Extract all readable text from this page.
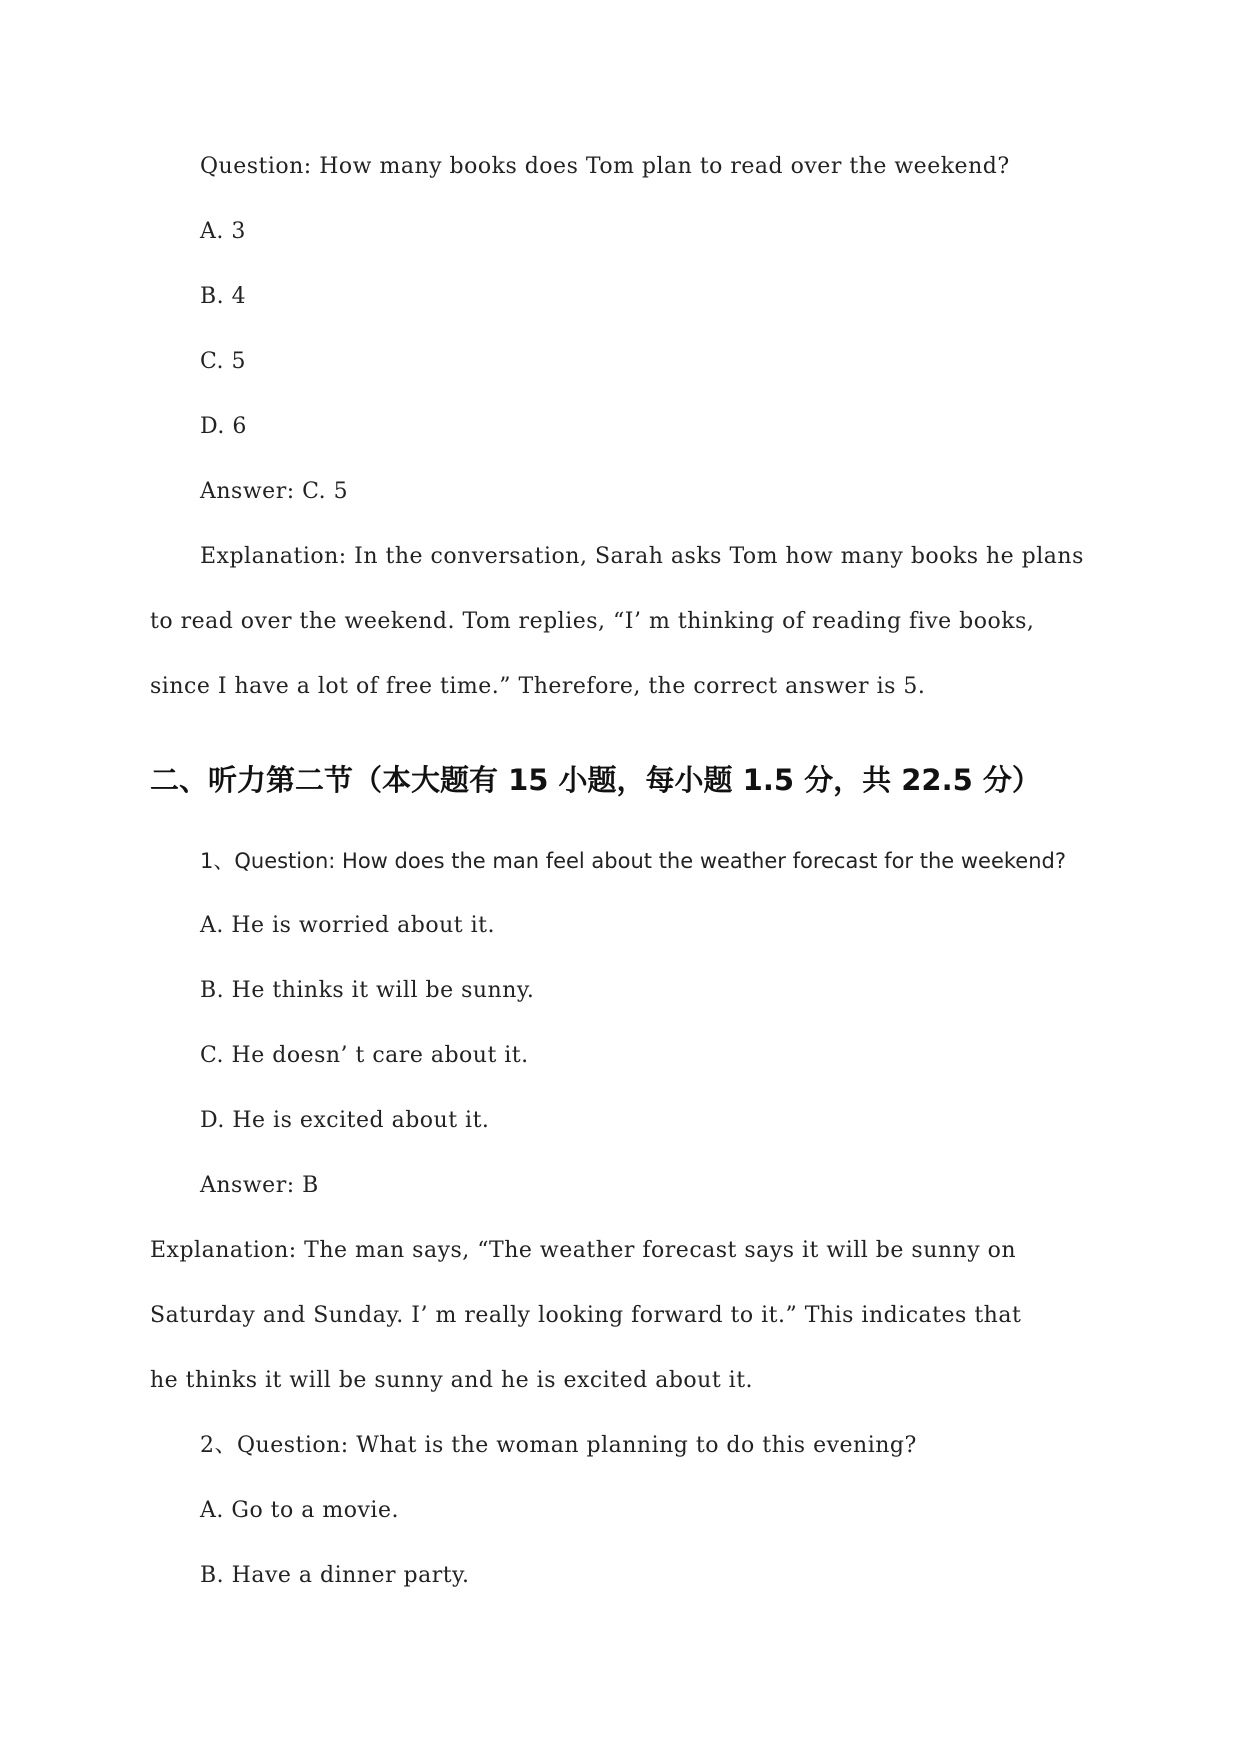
Question: How many books does Tom plan to read over the weekend?
A. 3
B. 4
C. 5
D. 6
Answer: C. 5
Explanation: In the conversation, Sarah asks Tom how many books he plans
to read over the weekend. Tom replies, “I’ m thinking of reading five books,
since I have a lot of free time.” Therefore, the correct answer is 5.
二、听力第二节（本大题有 15 小题，每小题 1.5 分，共 22.5 分）
1、Question: How does the man feel about the weather forecast for the weekend?
A. He is worried about it.
B. He thinks it will be sunny.
C. He doesn’ t care about it.
D. He is excited about it.
Answer: B
Explanation: The man says, “The weather forecast says it will be sunny on
Saturday and Sunday. I’ m really looking forward to it.” This indicates that
he thinks it will be sunny and he is excited about it.
2、Question: What is the woman planning to do this evening?
A. Go to a movie.
B. Have a dinner party.
